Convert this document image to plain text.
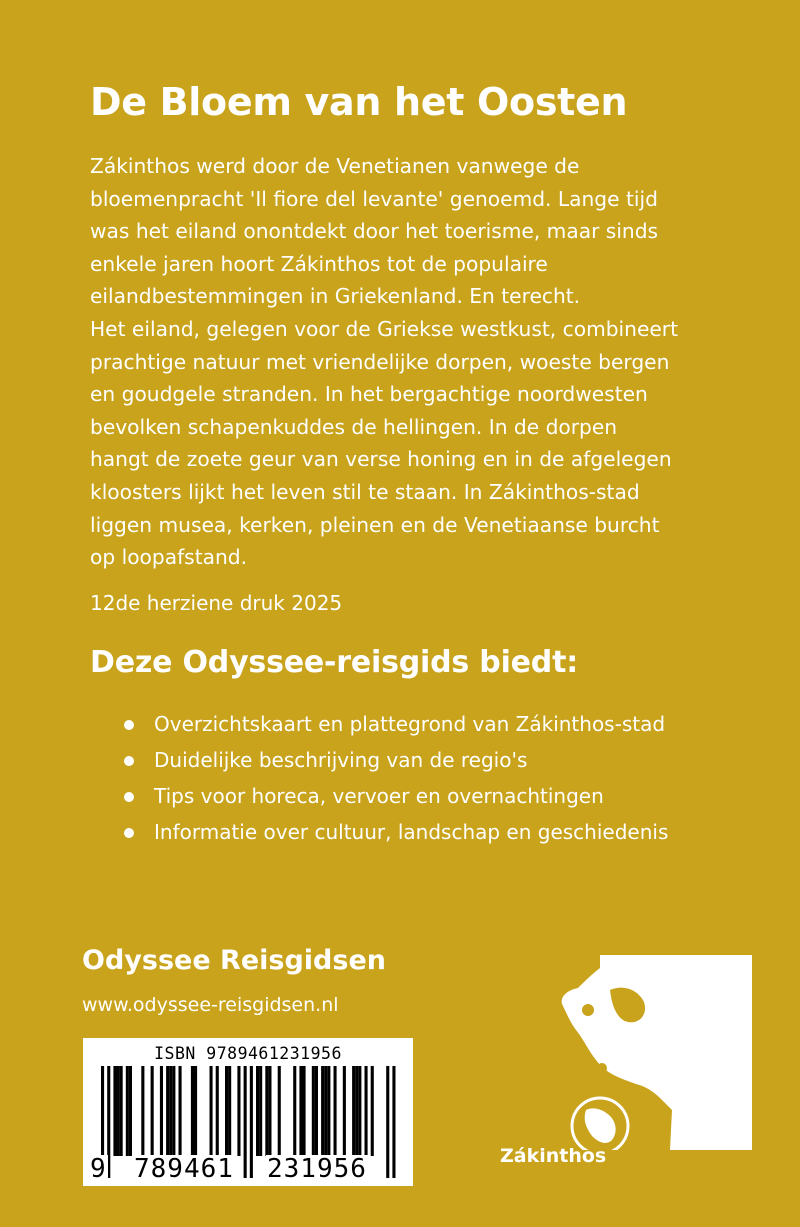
De Bloem van het Oosten
Zákinthos werd door de Venetianen vanwege de
bloemenpracht 'Il fiore del levante' genoemd. Lange tijd
was het eiland onontdekt door het toerisme, maar sinds
enkele jaren hoort Zákinthos tot de populaire
eilandbestemmingen in Griekenland. En terecht.
Het eiland, gelegen voor de Griekse westkust, combineert
prachtige natuur met vriendelijke dorpen, woeste bergen
en goudgele stranden. In het bergachtige noordwesten
bevolken schapenkuddes de hellingen. In de dorpen
hangt de zoete geur van verse honing en in de afgelegen
kloosters lijkt het leven stil te staan. In Zákinthos-stad
liggen musea, kerken, pleinen en de Venetiaanse burcht
op loopafstand.

12de herziene druk 2025

Deze Odyssee-reisgids biedt:
Overzichtskaart en plattegrond van Zákinthos-stad
Duidelijke beschrijving van de regio's
Tips voor horeca, vervoer en overnachtingen
Informatie over cultuur, landschap en geschiedenis

Odyssee Reisgidsen

www.odyssee-reisgidsen.nl

ISBN 9789461231956
9 789461 231956	Zákinthos
